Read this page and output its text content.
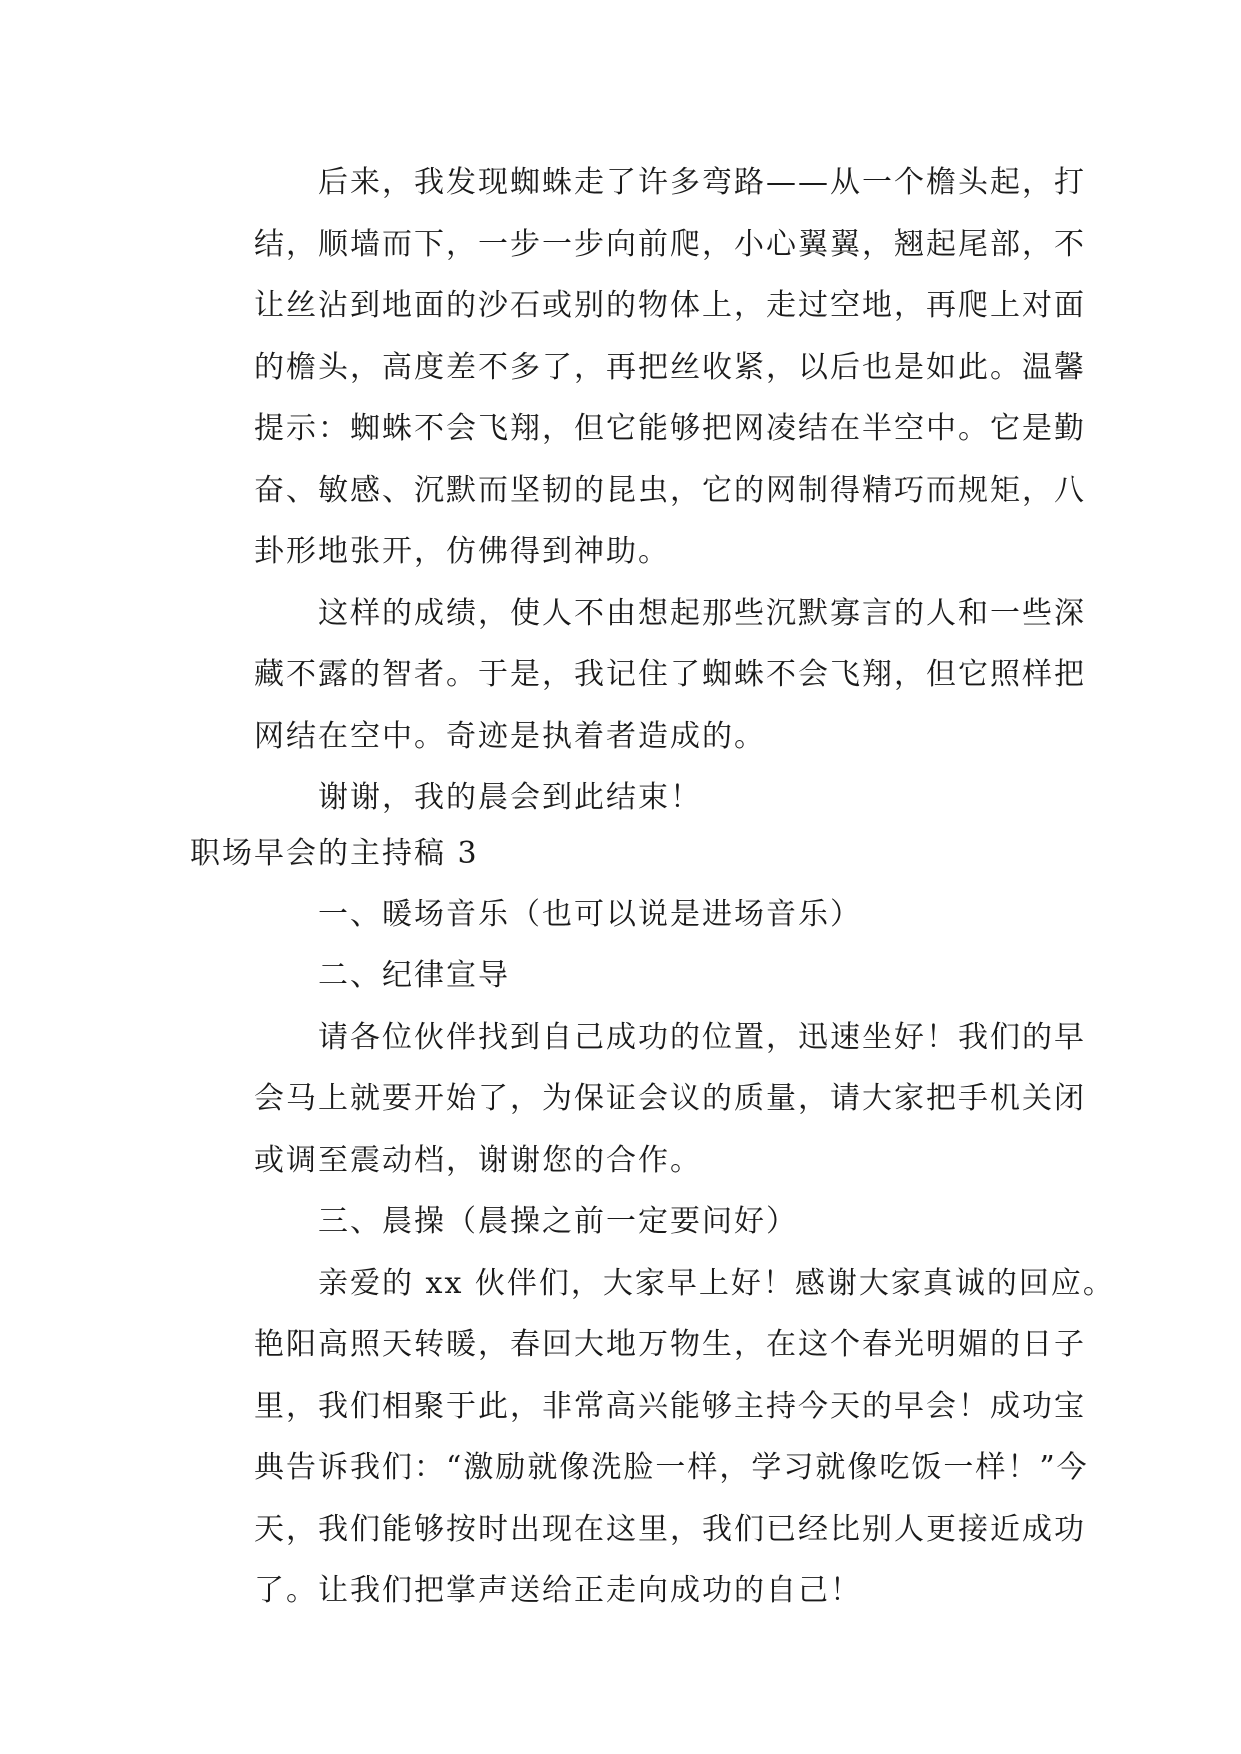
后来，我发现蜘蛛走了许多弯路——从一个檐头起，打
结，顺墙而下，一步一步向前爬，小心翼翼，翘起尾部，不
让丝沾到地面的沙石或别的物体上，走过空地，再爬上对面
的檐头，高度差不多了，再把丝收紧，以后也是如此。温馨
提示：蜘蛛不会飞翔，但它能够把网凌结在半空中。它是勤
奋、敏感、沉默而坚韧的昆虫，它的网制得精巧而规矩，八
卦形地张开，仿佛得到神助。
这样的成绩，使人不由想起那些沉默寡言的人和一些深
藏不露的智者。于是，我记住了蜘蛛不会飞翔，但它照样把
网结在空中。奇迹是执着者造成的。
谢谢，我的晨会到此结束！
职场早会的主持稿 3
一、暖场音乐（也可以说是进场音乐）
二、纪律宣导
请各位伙伴找到自己成功的位置，迅速坐好！我们的早
会马上就要开始了，为保证会议的质量，请大家把手机关闭
或调至震动档，谢谢您的合作。
三、晨操（晨操之前一定要问好）
亲爱的 xx 伙伴们，大家早上好！感谢大家真诚的回应。
艳阳高照天转暖，春回大地万物生，在这个春光明媚的日子
里，我们相聚于此，非常高兴能够主持今天的早会！成功宝
典告诉我们：“激励就像洗脸一样，学习就像吃饭一样！”今
天，我们能够按时出现在这里，我们已经比别人更接近成功
了。让我们把掌声送给正走向成功的自己！
